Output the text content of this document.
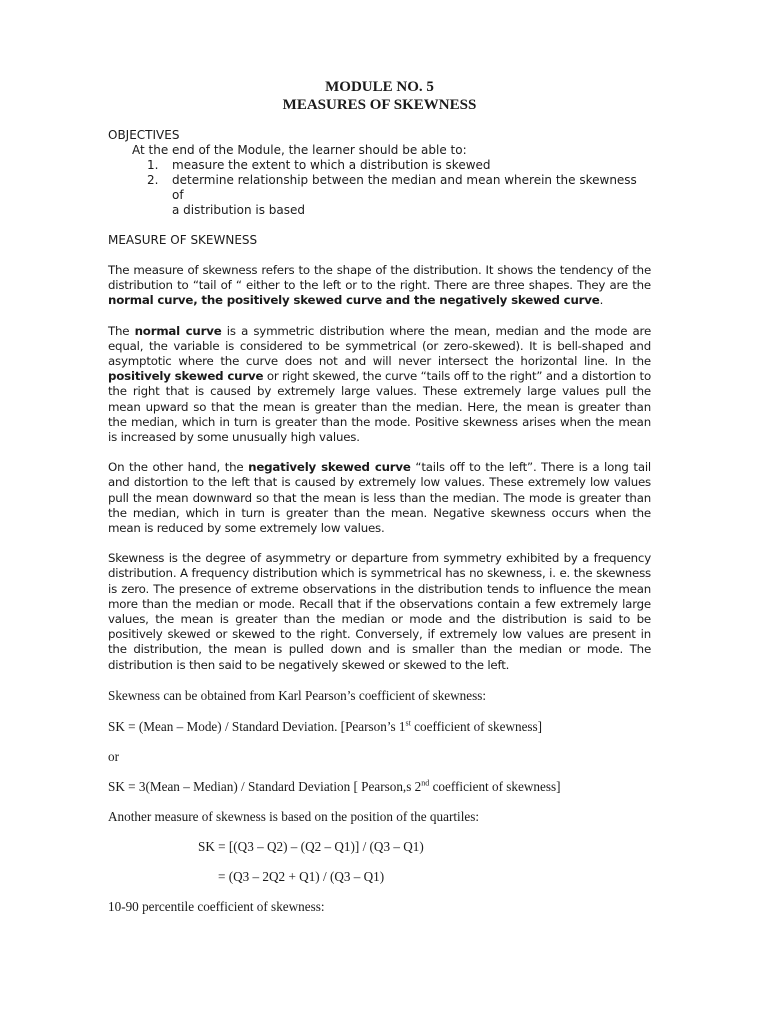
MODULE NO. 5

MEASURES OF SKEWNESS

OBJECTIVES

At the end of the Module, the learner should be able to:

1. measure the extent to which a distribution is skewed
2. determine relationship between the median and mean wherein the skewness of
a distribution is based

MEASURE OF SKEWNESS

The measure of skewness refers to the shape of the distribution. It shows the tendency of the distribution to “tail of “ either to the left or to the right. There are three shapes. They are the normal curve, the positively skewed curve and the negatively skewed curve.

The normal curve is a symmetric distribution where the mean, median and the mode are equal, the variable is considered to be symmetrical (or zero-skewed). It is bell-shaped and asymptotic where the curve does not and will never intersect the horizontal line. In the positively skewed curve or right skewed, the curve “tails off to the right” and a distortion to the right that is caused by extremely large values. These extremely large values pull the mean upward so that the mean is greater than the median. Here, the mean is greater than the median, which in turn is greater than the mode. Positive skewness arises when the mean is increased by some unusually high values.

On the other hand, the negatively skewed curve “tails off to the left”. There is a long tail and distortion to the left that is caused by extremely low values. These extremely low values pull the mean downward so that the mean is less than the median. The mode is greater than the median, which in turn is greater than the mean. Negative skewness occurs when the mean is reduced by some extremely low values.

Skewness is the degree of asymmetry or departure from symmetry exhibited by a frequency distribution. A frequency distribution which is symmetrical has no skewness, i. e. the skewness is zero. The presence of extreme observations in the distribution tends to influence the mean more than the median or mode. Recall that if the observations contain a few extremely large values, the mean is greater than the median or mode and the distribution is said to be positively skewed or skewed to the right. Conversely, if extremely low values are present in the distribution, the mean is pulled down and is smaller than the median or mode. The distribution is then said to be negatively skewed or skewed to the left.

Skewness can be obtained from Karl Pearson’s coefficient of skewness:

SK = (Mean – Mode) / Standard Deviation. [Pearson’s 1st coefficient of skewness]

or

SK = 3(Mean – Median) / Standard Deviation [ Pearson,s 2nd coefficient of skewness]

Another measure of skewness is based on the position of the quartiles:

SK = [(Q3 – Q2) – (Q2 – Q1)] / (Q3 – Q1)

= (Q3 – 2Q2 + Q1) / (Q3 – Q1)

10-90 percentile coefficient of skewness:
